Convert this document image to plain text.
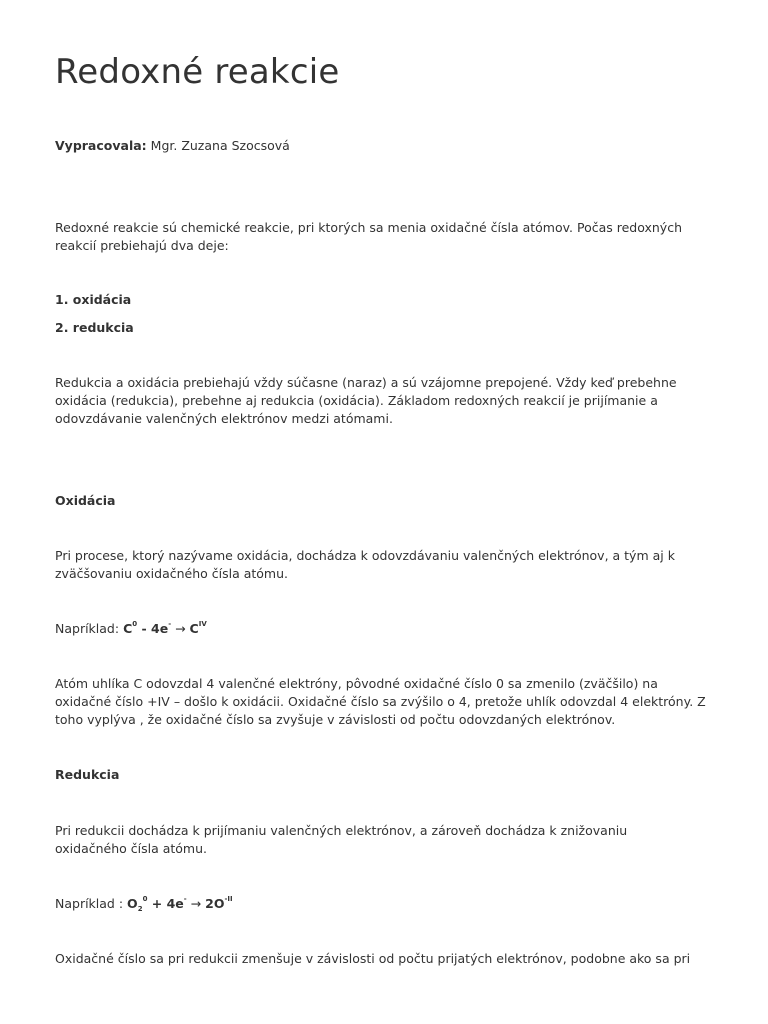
Redoxné reakcie

Vypracovala: Mgr. Zuzana Szocsová

Redoxné reakcie sú chemické reakcie, pri ktorých sa menia oxidačné čísla atómov. Počas redoxných reakcií prebiehajú dva deje:

1. oxidácia

2. redukcia

Redukcia a oxidácia prebiehajú vždy súčasne (naraz) a sú vzájomne prepojené. Vždy keď prebehne oxidácia (redukcia), prebehne aj redukcia (oxidácia). Základom redoxných reakcií je prijímanie a odovzdávanie valenčných elektrónov medzi atómami.

Oxidácia

Pri procese, ktorý nazývame oxidácia, dochádza k odovzdávaniu valenčných elektrónov, a tým aj k zväčšovaniu oxidačného čísla atómu.

Napríklad: $C^0 - 4e^- \to C^{IV}$

Atóm uhlíka C odovzdal 4 valenčné elektróny, pôvodné oxidačné číslo 0 sa zmenilo (zväčšilo) na oxidačné číslo +IV – došlo k oxidácii. Oxidačné číslo sa zvýšilo o 4, pretože uhlík odovzdal 4 elektróny. Z toho vyplýva , že oxidačné číslo sa zvyšuje v závislosti od počtu odovzdaných elektrónov.

Redukcia

Pri redukcii dochádza k prijímaniu valenčných elektrónov, a zároveň dochádza k znižovaniu oxidačného čísla atómu.

Napríklad : $O_2^0 + 4e^- \to 2O^{-II}$

Oxidačné číslo sa pri redukcii zmenšuje v závislosti od počtu prijatých elektrónov, podobne ako sa pri
